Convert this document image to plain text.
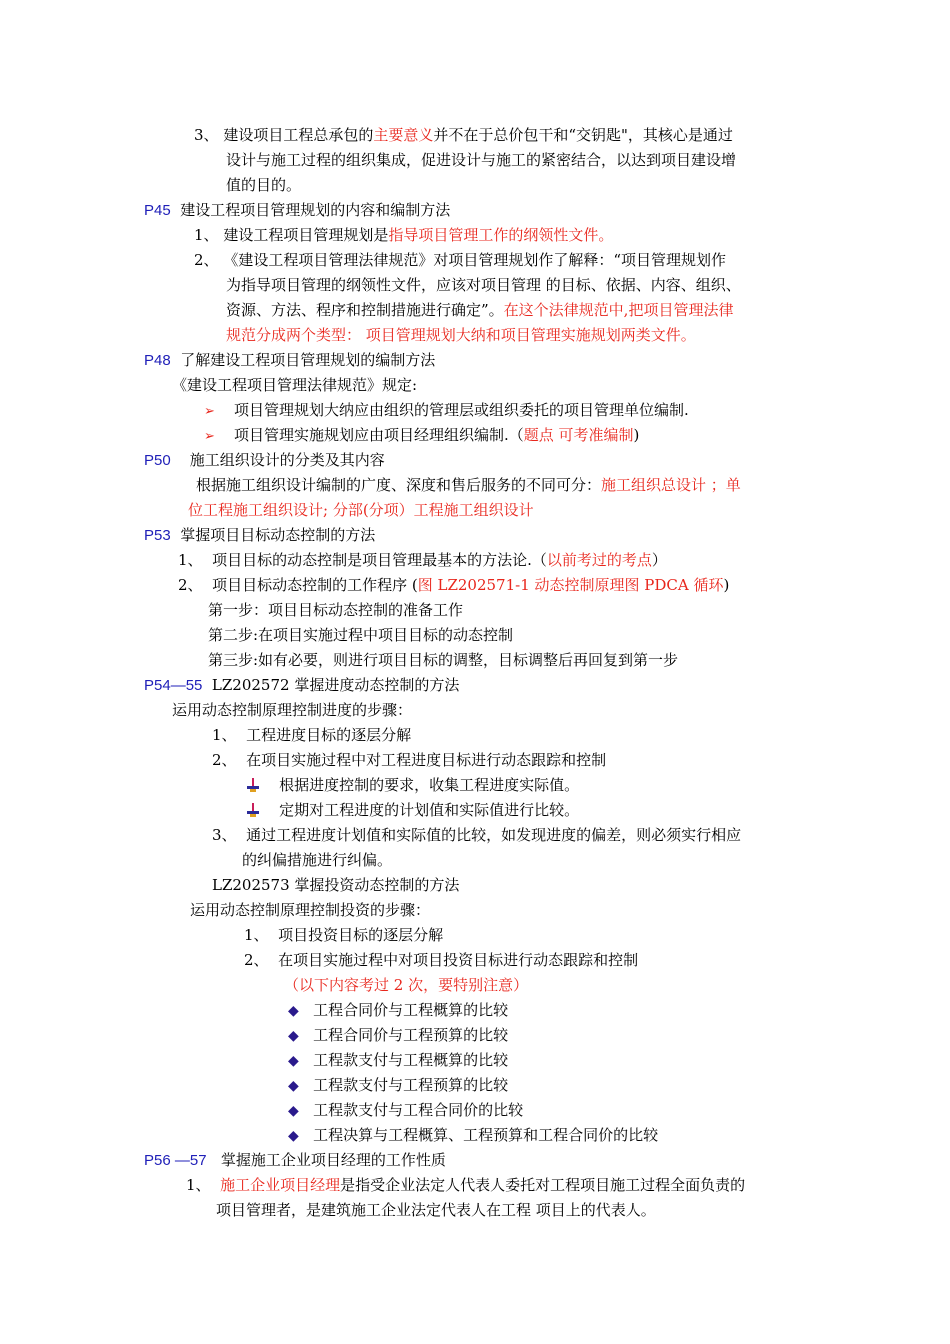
3、 建设项目工程总承包的主要意义并不在于总价包干和“交钥匙"，其核心是通过
设计与施工过程的组织集成，促进设计与施工的紧密结合，以达到项目建设增
值的目的。
P45 建设工程项目管理规划的内容和编制方法
1、 建设工程项目管理规划是指导项目管理工作的纲领性文件。
2、 《建设工程项目管理法律规范》对项目管理规划作了解释：“项目管理规划作
为指导项目管理的纲领性文件，应该对项目管理 的目标、依据、内容、组织、
资源、方法、程序和控制措施进行确定”。在这个法律规范中,把项目管理法律
规范分成两个类型： 项目管理规划大纳和项目管理实施规划两类文件。
P48 了解建设工程项目管理规划的编制方法
《建设工程项目管理法律规范》规定:
➢ 项目管理规划大纳应由组织的管理层或组织委托的项目管理单位编制.
➢ 项目管理实施规划应由项目经理组织编制.（题点 可考准编制)
P50 施工组织设计的分类及其内容
根据施工组织设计编制的广度、深度和售后服务的不同可分：施工组织总设计 ；单
位工程施工组织设计; 分部(分项）工程施工组织设计
P53 掌握项目目标动态控制的方法
1、 项目目标的动态控制是项目管理最基本的方法论.（以前考过的考点）
2、 项目目标动态控制的工作程序 (图 LZ202571-1 动态控制原理图 PDCA 循环)
第一步：项目目标动态控制的准备工作
第二步:在项目实施过程中项目目标的动态控制
第三步:如有必要，则进行项目目标的调整，目标调整后再回复到第一步
P54—55 LZ202572 掌握进度动态控制的方法
运用动态控制原理控制进度的步骤：
1、 工程进度目标的逐层分解
2、 在项目实施过程中对工程进度目标进行动态跟踪和控制
根据进度控制的要求，收集工程进度实际值。
定期对工程进度的计划值和实际值进行比较。
3、 通过工程进度计划值和实际值的比较，如发现进度的偏差，则必须实行相应
的纠偏措施进行纠偏。
LZ202573 掌握投资动态控制的方法
运用动态控制原理控制投资的步骤：
1、 项目投资目标的逐层分解
2、 在项目实施过程中对项目投资目标进行动态跟踪和控制
（以下内容考过 2 次，要特别注意）
◆ 工程合同价与工程概算的比较
◆ 工程合同价与工程预算的比较
◆ 工程款支付与工程概算的比较
◆ 工程款支付与工程预算的比较
◆ 工程款支付与工程合同价的比较
◆ 工程决算与工程概算、工程预算和工程合同价的比较
P56 —57 掌握施工企业项目经理的工作性质
1、 施工企业项目经理是指受企业法定人代表人委托对工程项目施工过程全面负责的
项目管理者，是建筑施工企业法定代表人在工程 项目上的代表人。
